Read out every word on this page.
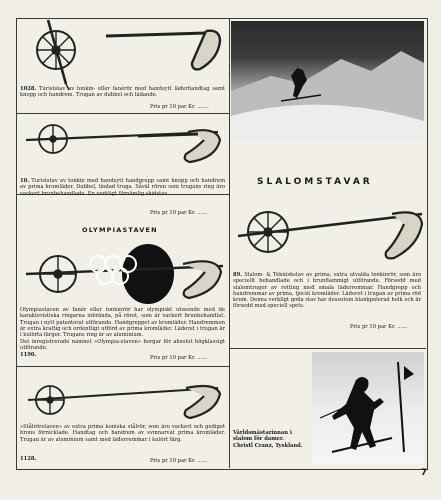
1028. Turiststav av tonkin- eller fanérör med handsytt läderhandtag samt knopp och handrem. Trugan av dubbel och lädande.
Pris pr 10 par Kr. .......
10. Turiststav av tonkin med handsytt handgrepp samt knopp och handrem av prima kromläder. Dubbel, lindad truga. Såväl rören som trugans ring äro vackert brunbehandlade. En verkligt förnämlig skidstav.
Pris pr 10 par Kr. ......
OLYMPIASTAVEN
Olympiastaven av fanér eller tonkinrör har olympiskt utseende med de karakteristiska ringarna inbrända, på röret, som är vackert brunbehandlat. Trugan i nytt patenterat utförande. Handgreppet av kromläder. Handremmen är extra kraftig och ordentligt utförd av prima kromläder. Läderet i trugan är i kulörta färger. Trugans ring är av aluminium.
Det inregistrerade namnet »Olympia-staven» borgar för absolut högklassigt utförande.
1190.	Pris pr 10 par Kr. ......
»Stålrörstaven» av extra prima koniska stålrör, som äro vackert och gediget brons förnicklade. Handtag och handrem av svinnarvat prima kromläder. Trugan är av aluminium samt med läderremmar i kulört färg.
1128.	Pris pr 10 par Kr. ......
SLALOMSTAVAR
89. Slalom- & Tekniskstav av prima, extra utvalda tonkinrör, som äro speciellt behandlade och i brunflammigt utförande. Försedd med slalomtrugor av rotting med smala läderremmar. Handgrepp och handremmar av prima, tjockt kromläder. Läderet i trugan av prima röd krom. Denna verkligt goda stav har dessutom blankpolerad holk och är försedd med speciell spets.
Pris pr 10 par Kr. ......
Världsmästarinnan i slalom för damer.
Christl Cranz, Tyskland.
7
